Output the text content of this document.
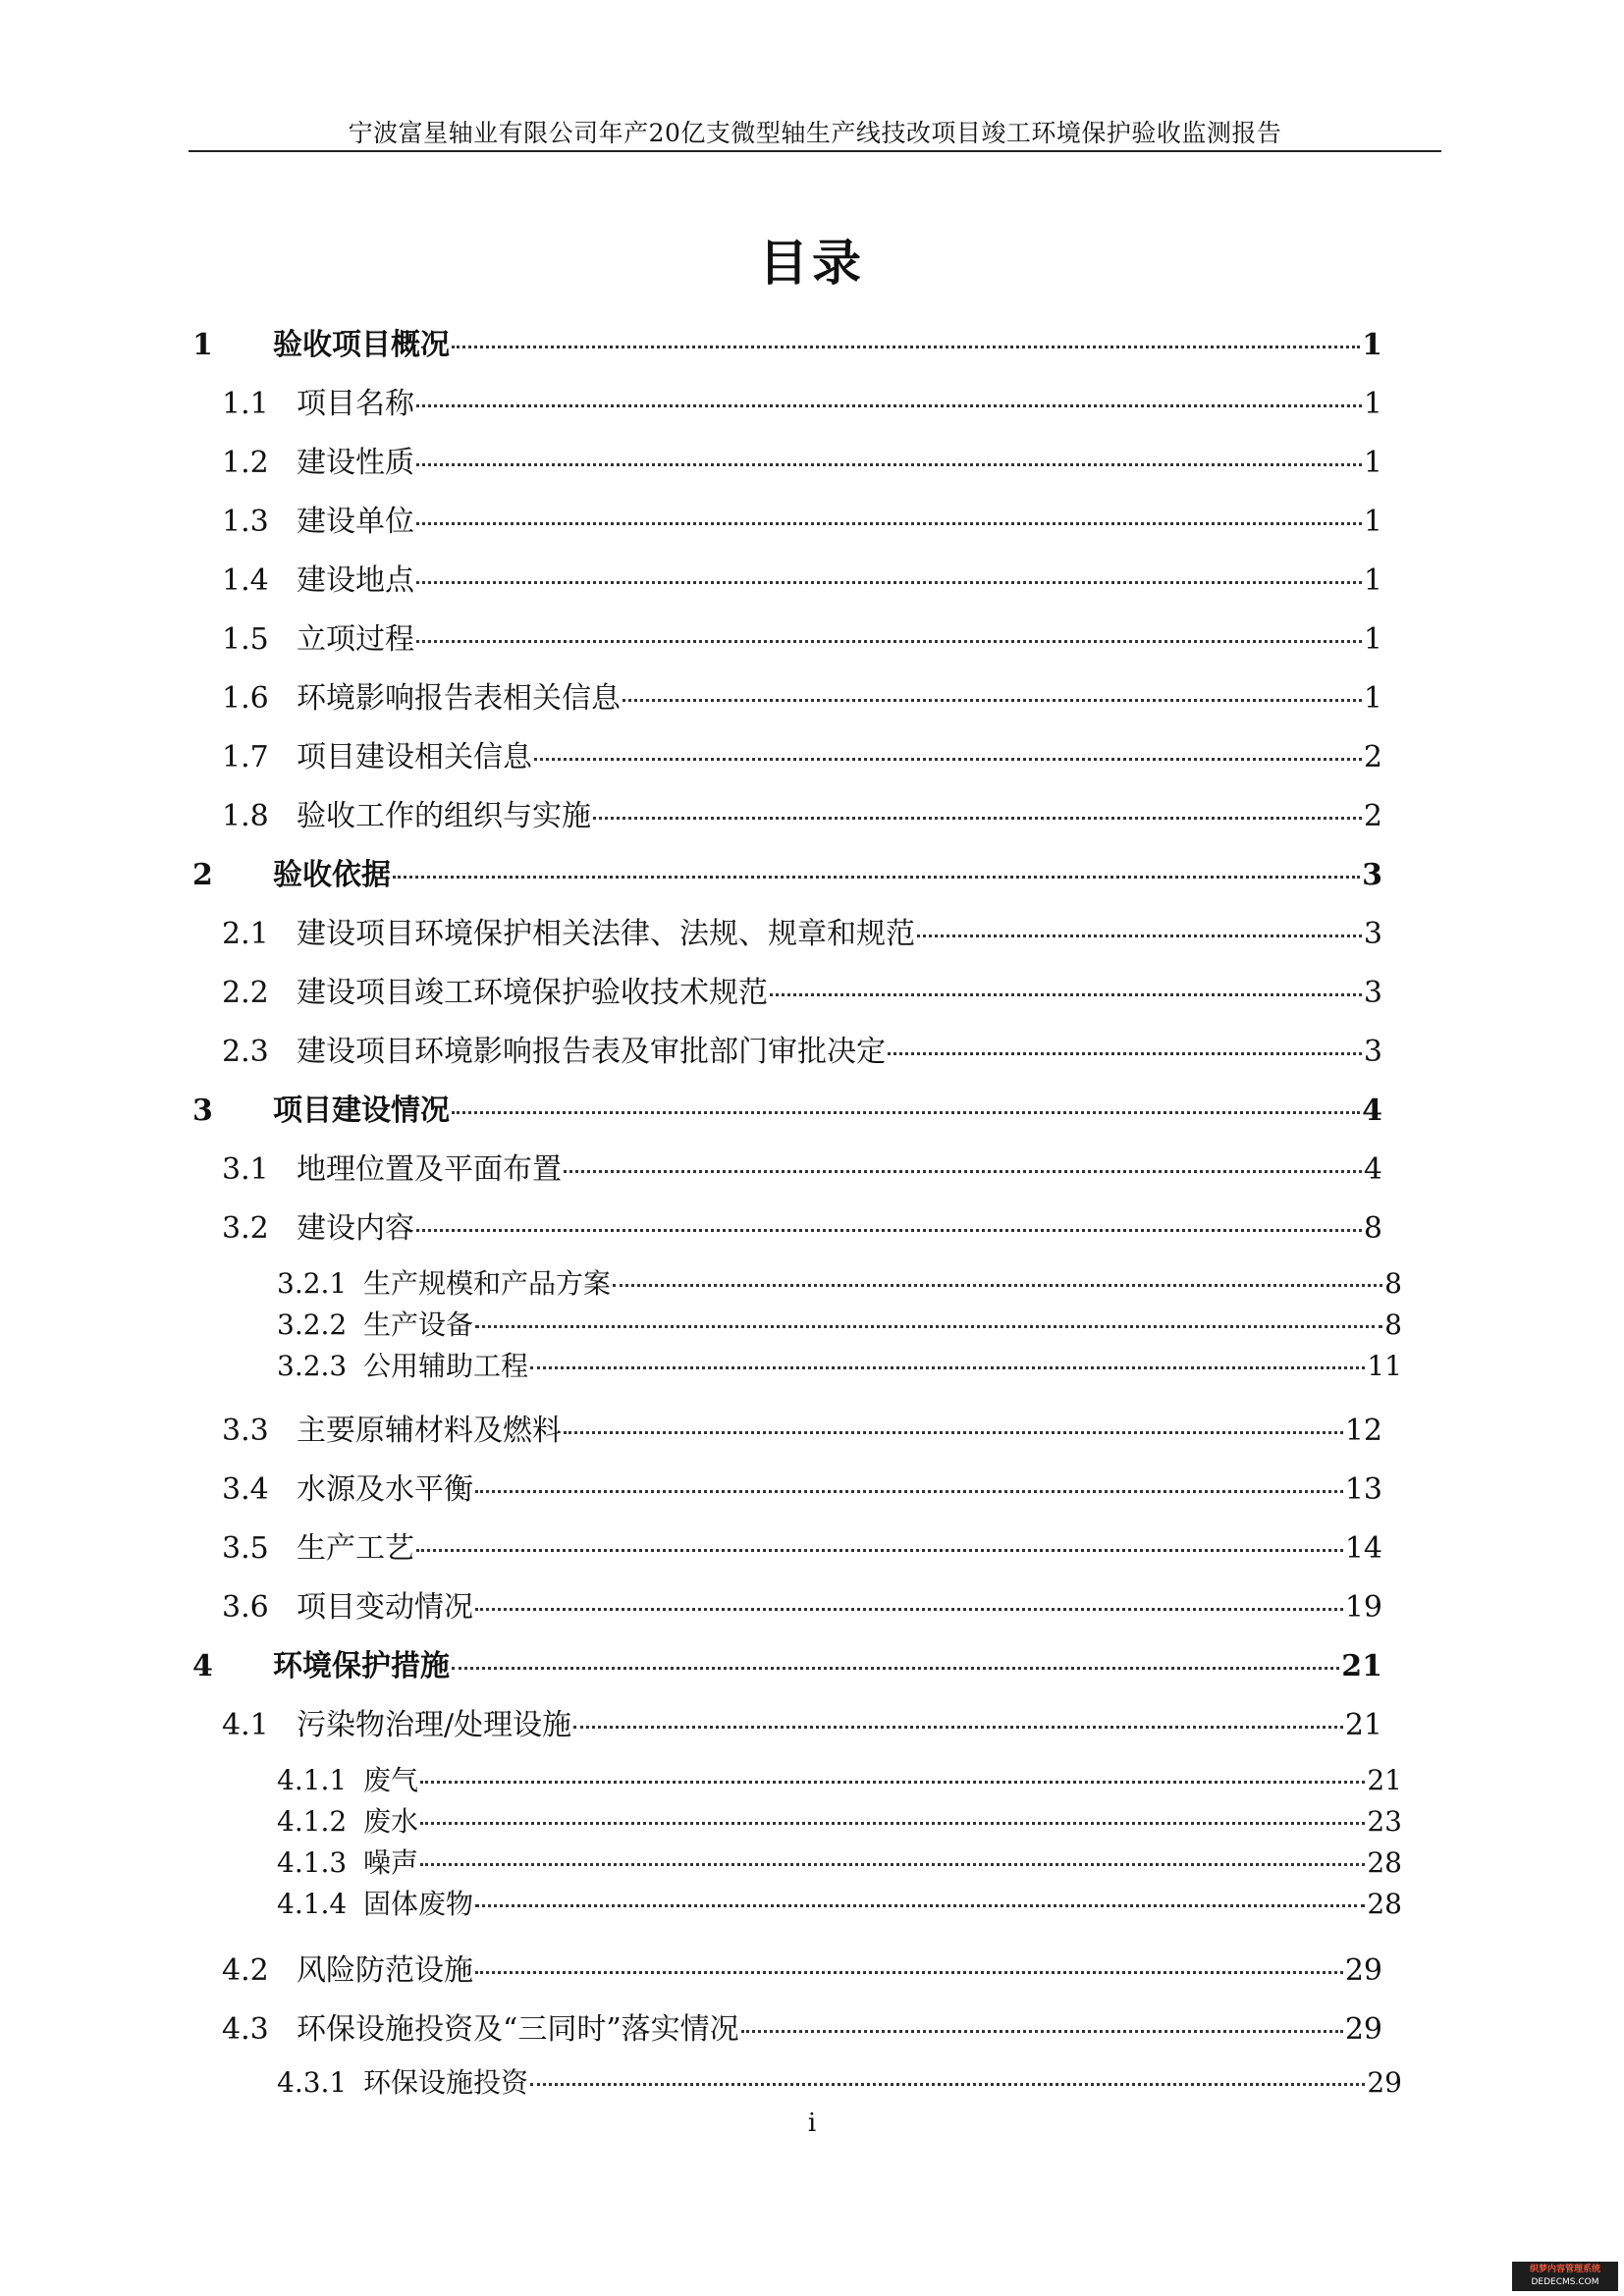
宁波富星轴业有限公司年产20亿支微型轴生产线技改项目竣工环境保护验收监测报告
目录
1	验收项目概况	1
1.1 项目名称	1
1.2 建设性质	1
1.3 建设单位	1
1.4 建设地点	1
1.5 立项过程	1
1.6 环境影响报告表相关信息	1
1.7 项目建设相关信息	2
1.8 验收工作的组织与实施	2
2	验收依据	3
2.1 建设项目环境保护相关法律、法规、规章和规范	3
2.2 建设项目竣工环境保护验收技术规范	3
2.3 建设项目环境影响报告表及审批部门审批决定	3
3	项目建设情况	4
3.1 地理位置及平面布置	4
3.2 建设内容	8
3.2.1 生产规模和产品方案	8
3.2.2 生产设备	8
3.2.3 公用辅助工程	11
3.3 主要原辅材料及燃料	12
3.4 水源及水平衡	13
3.5 生产工艺	14
3.6 项目变动情况	19
4	环境保护措施	21
4.1 污染物治理/处理设施	21
4.1.1 废气	21
4.1.2 废水	23
4.1.3 噪声	28
4.1.4 固体废物	28
4.2 风险防范设施	29
4.3 环保设施投资及“三同时”落实情况	29
4.3.1 环保设施投资	29
i
织梦内容管理系统
DEDECMS.COM
